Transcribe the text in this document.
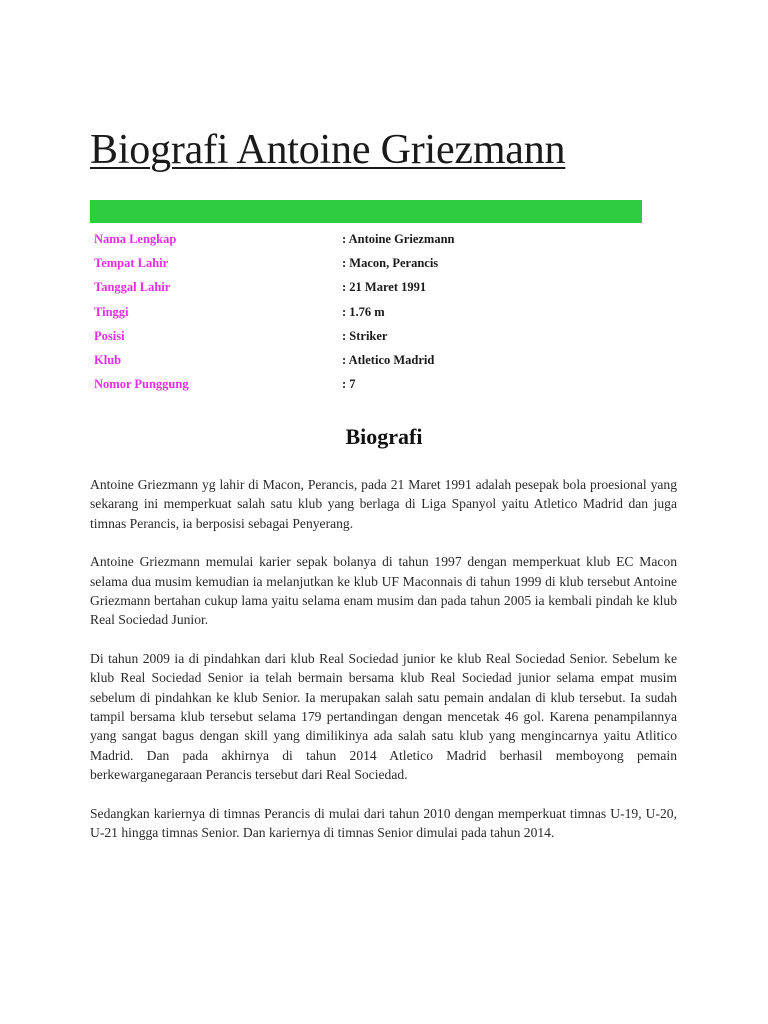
Biografi Antoine Griezmann
Nama Lengkap	: Antoine Griezmann
Tempat Lahir	: Macon, Perancis
Tanggal Lahir	: 21 Maret 1991
Tinggi	: 1.76 m
Posisi	: Striker
Klub	: Atletico Madrid
Nomor Punggung	: 7
Biografi

Antoine Griezmann yg lahir di Macon, Perancis, pada 21 Maret 1991 adalah pesepak bola proesional yang sekarang ini memperkuat salah satu klub yang berlaga di Liga Spanyol yaitu Atletico Madrid dan juga timnas Perancis, ia berposisi sebagai Penyerang.

Antoine Griezmann memulai karier sepak bolanya di tahun 1997 dengan memperkuat klub EC Macon selama dua musim kemudian ia melanjutkan ke klub UF Maconnais di tahun 1999 di klub tersebut Antoine Griezmann bertahan cukup lama yaitu selama enam musim dan pada tahun 2005 ia kembali pindah ke klub Real Sociedad Junior.

Di tahun 2009 ia di pindahkan dari klub Real Sociedad junior ke klub Real Sociedad Senior. Sebelum ke klub Real Sociedad Senior ia telah bermain bersama klub Real Sociedad junior selama empat musim sebelum di pindahkan ke klub Senior. Ia merupakan salah satu pemain andalan di klub tersebut. Ia sudah tampil bersama klub tersebut selama 179 pertandingan dengan mencetak 46 gol. Karena penampilannya yang sangat bagus dengan skill yang dimilikinya ada salah satu klub yang mengincarnya yaitu Atlitico Madrid. Dan pada akhirnya di tahun 2014 Atletico Madrid berhasil memboyong pemain berkewarganegaraan Perancis tersebut dari Real Sociedad.

Sedangkan kariernya di timnas Perancis di mulai dari tahun 2010 dengan memperkuat timnas U-19, U-20, U-21 hingga timnas Senior. Dan kariernya di timnas Senior dimulai pada tahun 2014.
